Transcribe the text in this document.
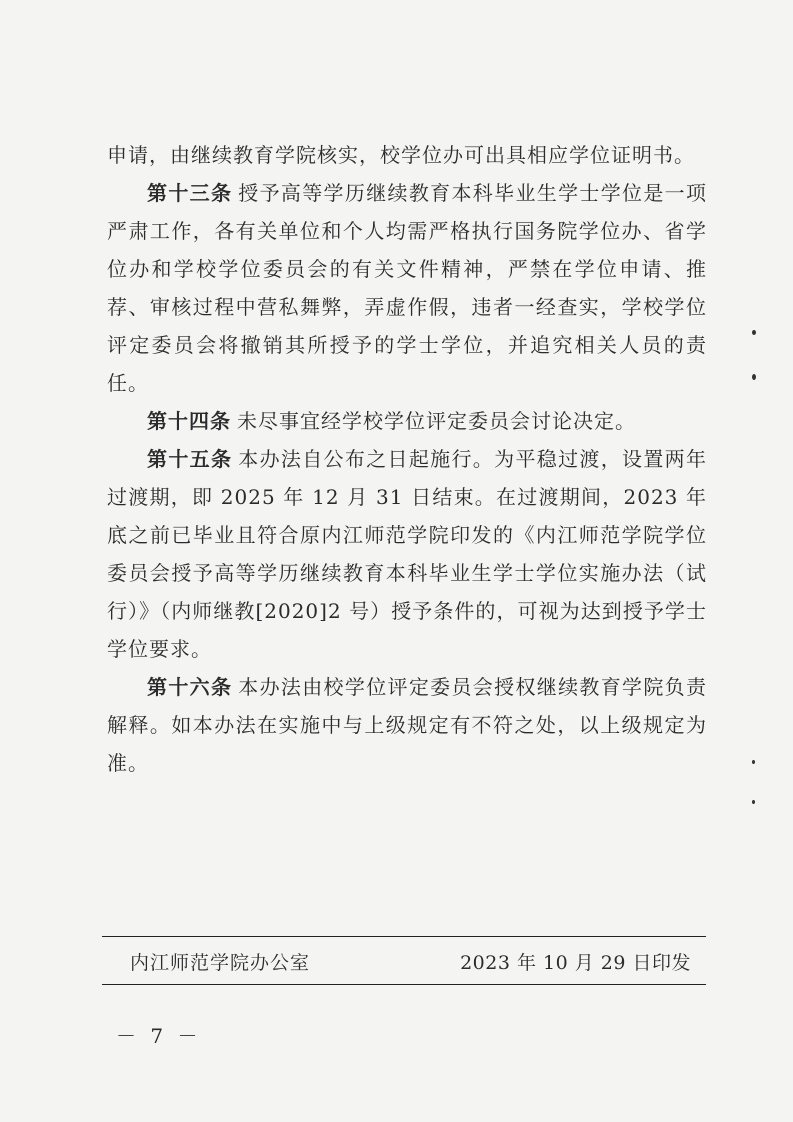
申请，由继续教育学院核实，校学位办可出具相应学位证明书。

第十三条 授予高等学历继续教育本科毕业生学士学位是一项严肃工作，各有关单位和个人均需严格执行国务院学位办、省学位办和学校学位委员会的有关文件精神，严禁在学位申请、推荐、审核过程中营私舞弊，弄虚作假，违者一经查实，学校学位评定委员会将撤销其所授予的学士学位，并追究相关人员的责任。

第十四条 未尽事宜经学校学位评定委员会讨论决定。

第十五条 本办法自公布之日起施行。为平稳过渡，设置两年过渡期，即 2025 年 12 月 31 日结束。在过渡期间，2023 年底之前已毕业且符合原内江师范学院印发的《内江师范学院学位委员会授予高等学历继续教育本科毕业生学士学位实施办法（试行）》（内师继教[2020]2 号）授予条件的，可视为达到授予学士学位要求。

第十六条 本办法由校学位评定委员会授权继续教育学院负责解释。如本办法在实施中与上级规定有不符之处，以上级规定为准。

内江师范学院办公室	2023 年 10 月 29 日印发
－ 7 －
